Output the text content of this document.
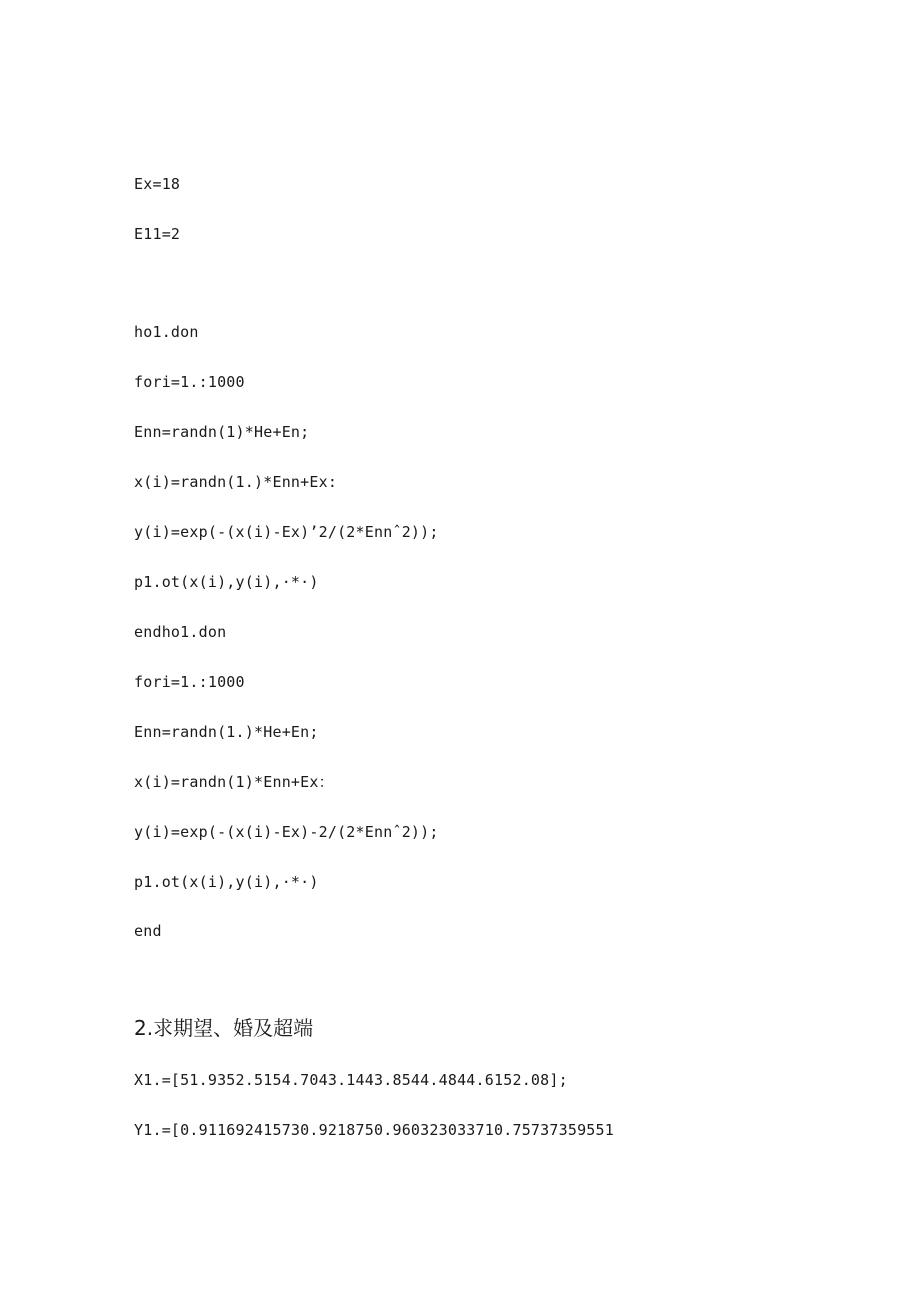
Ex=18
E11=2
ho1.don
fori=1.:1000
Enn=randn(1)*He+En;
x(i)=randn(1.)*Enn+Ex:
y(i)=exp(-(x(i)-Ex)’2/(2*Ennˆ2));
p1.ot(x(i),y(i),·*·)
endho1.don
fori=1.:1000
Enn=randn(1.)*He+En;
x(i)=randn(1)*Enn+Ex：
y(i)=exp(-(x(i)-Ex)-2/(2*Ennˆ2));
p1.ot(x(i),y(i),·*·)
end
2.求期望、婚及超端
X1.=[51.9352.5154.7043.1443.8544.4844.6152.08];
Y1.=[0.911692415730.9218750.960323033710.75737359551
